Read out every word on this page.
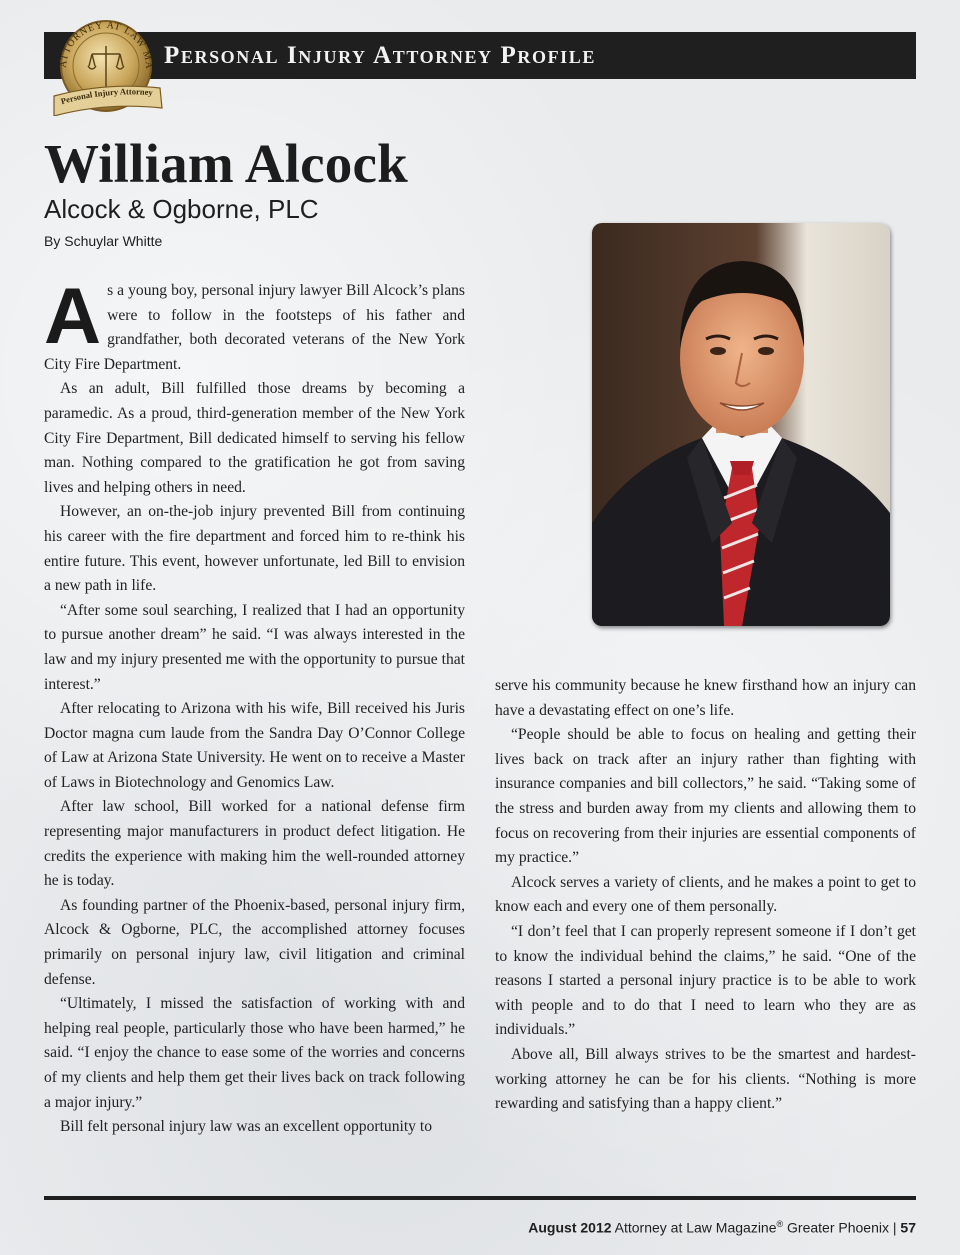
Personal Injury Attorney Profile
ATTORNEY AT LAW MA
Personal Injury Attorney
William Alcock
Alcock & Ogborne, PLC
By Schuylar Whitte

As a young boy, personal injury lawyer Bill Alcock’s plans were to follow in the footsteps of his father and grandfather, both decorated veterans of the New York City Fire Department.

As an adult, Bill fulfilled those dreams by becoming a paramedic. As a proud, third-generation member of the New York City Fire Department, Bill dedicated himself to serving his fellow man. Nothing compared to the gratification he got from saving lives and helping others in need.

However, an on-the-job injury prevented Bill from continuing his career with the fire department and forced him to re-think his entire future. This event, however unfortunate, led Bill to envision a new path in life.

“After some soul searching, I realized that I had an opportunity to pursue another dream” he said. “I was always interested in the law and my injury presented me with the opportunity to pursue that interest.”

After relocating to Arizona with his wife, Bill received his Juris Doctor magna cum laude from the Sandra Day O’Connor College of Law at Arizona State University. He went on to receive a Master of Laws in Biotechnology and Genomics Law.

After law school, Bill worked for a national defense firm representing major manufacturers in product defect litigation. He credits the experience with making him the well-rounded attorney he is today.

As founding partner of the Phoenix-based, personal injury firm, Alcock & Ogborne, PLC, the accomplished attorney focuses primarily on personal injury law, civil litigation and criminal defense.

“Ultimately, I missed the satisfaction of working with and helping real people, particularly those who have been harmed,” he said. “I enjoy the chance to ease some of the worries and concerns of my clients and help them get their lives back on track following a major injury.”

Bill felt personal injury law was an excellent opportunity to

serve his community because he knew firsthand how an injury can have a devastating effect on one’s life.

“People should be able to focus on healing and getting their lives back on track after an injury rather than fighting with insurance companies and bill collectors,” he said. “Taking some of the stress and burden away from my clients and allowing them to focus on recovering from their injuries are essential components of my practice.”

Alcock serves a variety of clients, and he makes a point to get to know each and every one of them personally.

“I don’t feel that I can properly represent someone if I don’t get to know the individual behind the claims,” he said. “One of the reasons I started a personal injury practice is to be able to work with people and to do that I need to learn who they are as individuals.”

Above all, Bill always strives to be the smartest and hardest-working attorney he can be for his clients. “Nothing is more rewarding and satisfying than a happy client.”

August 2012 Attorney at Law Magazine® Greater Phoenix | 57
